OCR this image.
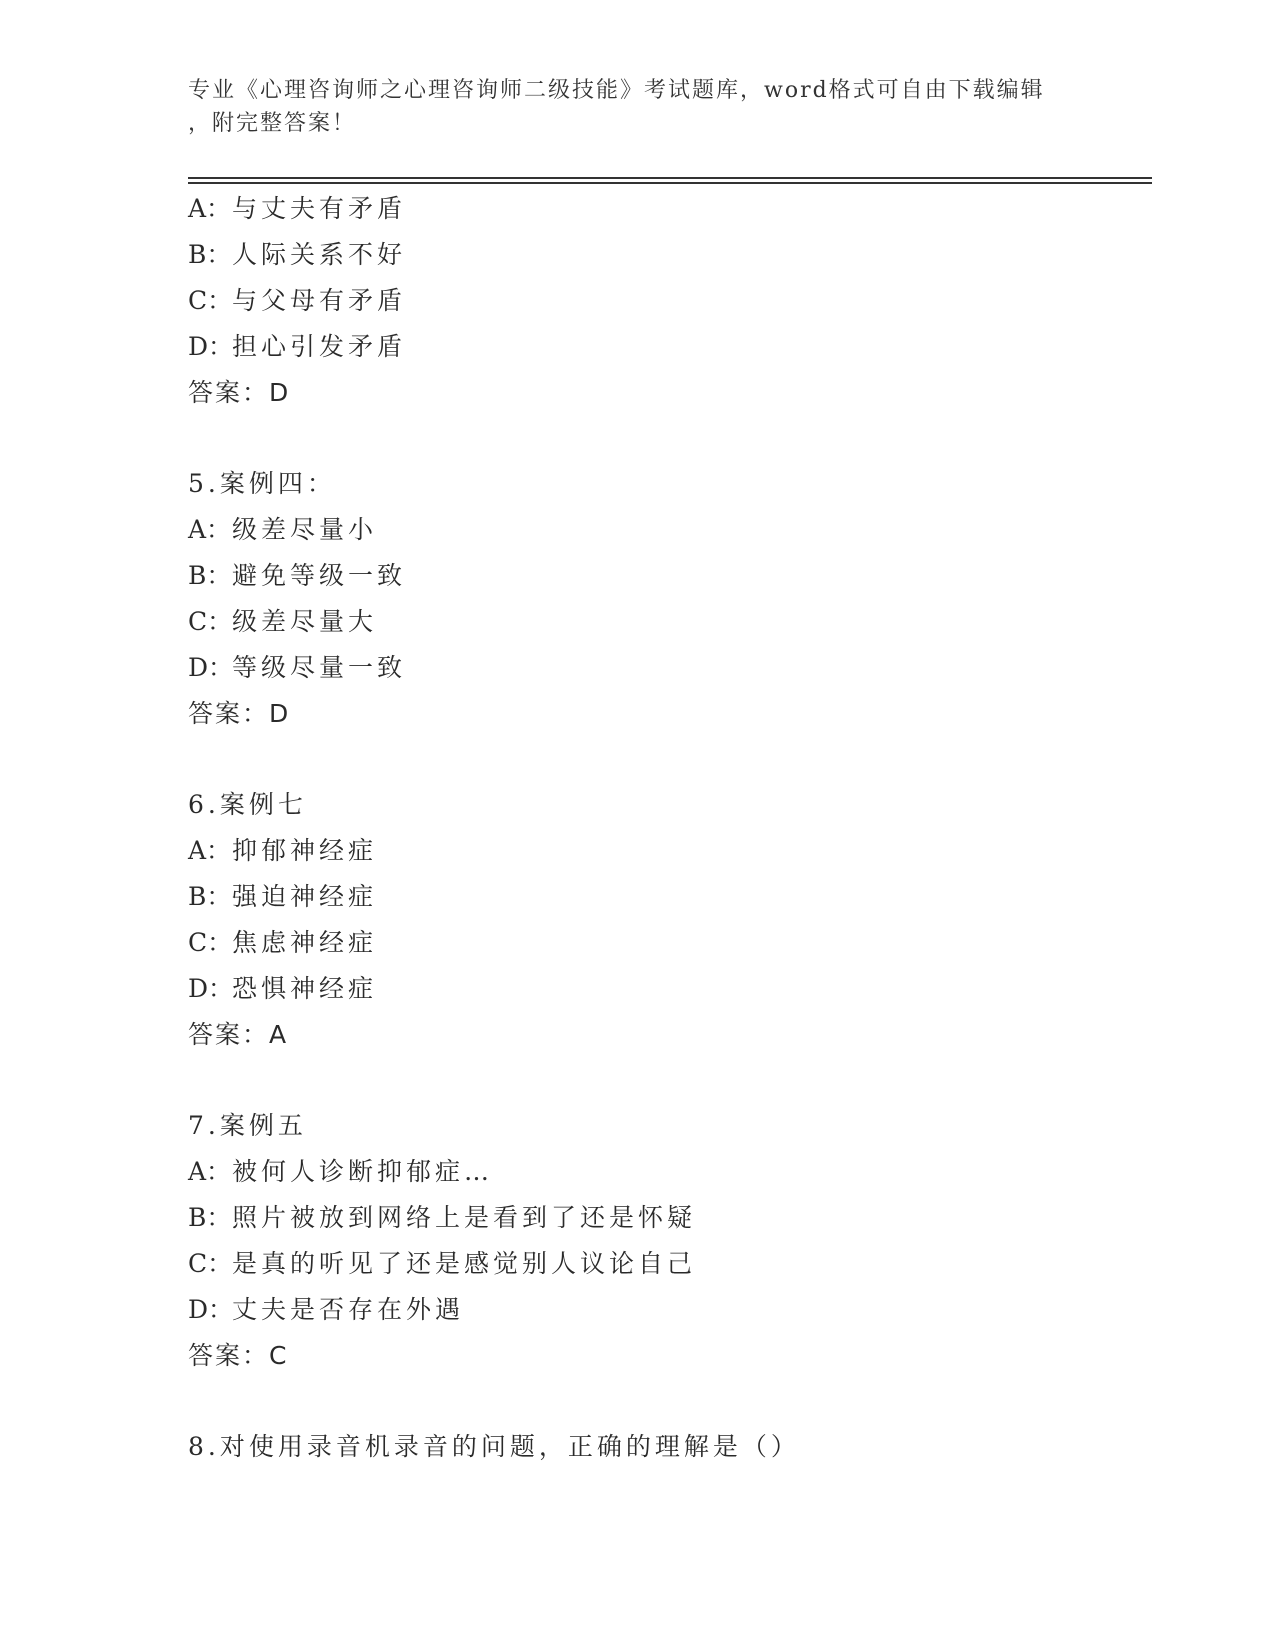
专业《心理咨询师之心理咨询师二级技能》考试题库，word格式可自由下载编辑
，附完整答案！
A：与丈夫有矛盾
B：人际关系不好
C：与父母有矛盾
D：担心引发矛盾
答案：D
5.案例四：
A：级差尽量小
B：避免等级一致
C：级差尽量大
D：等级尽量一致
答案：D
6.案例七
A：抑郁神经症
B：强迫神经症
C：焦虑神经症
D：恐惧神经症
答案：A
7.案例五
A：被何人诊断抑郁症…
B：照片被放到网络上是看到了还是怀疑
C：是真的听见了还是感觉别人议论自己
D：丈夫是否存在外遇
答案：C
8.对使用录音机录音的问题，正确的理解是（）
